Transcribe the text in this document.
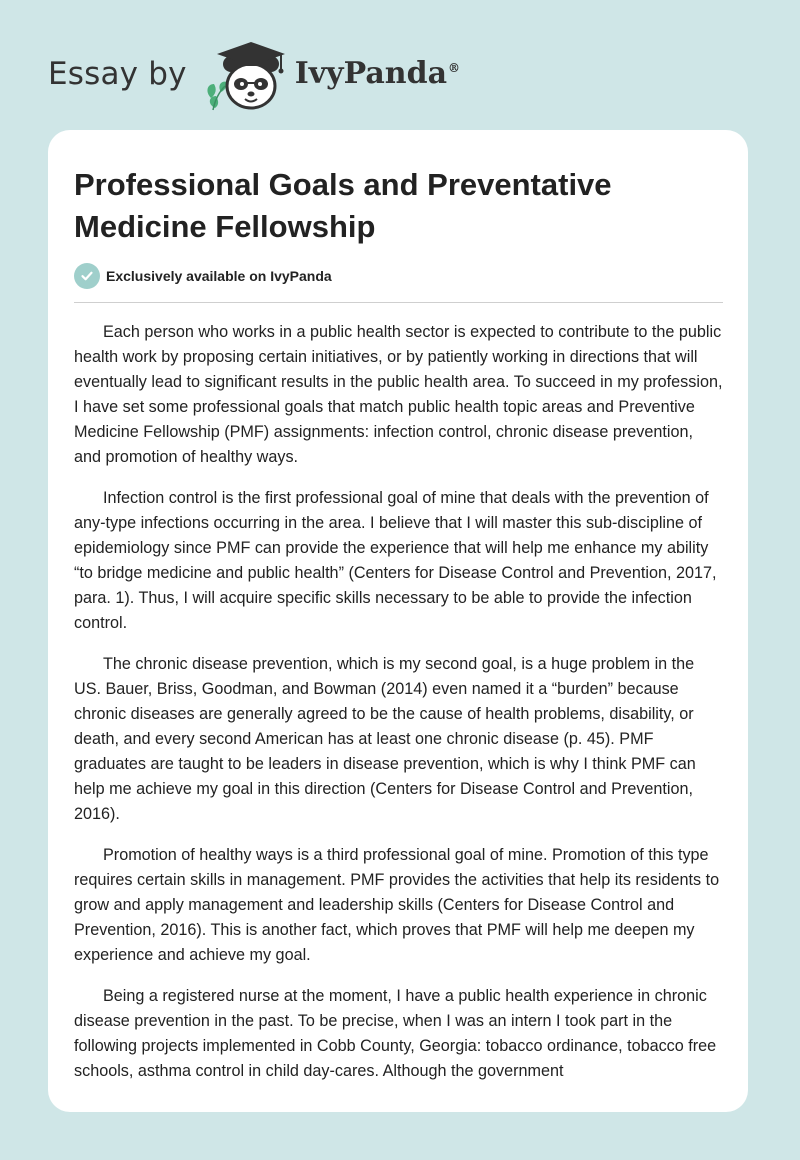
Essay by	IvyPanda®
Professional Goals and Preventative Medicine Fellowship
Exclusively available on IvyPanda

Each person who works in a public health sector is expected to contribute to the public health work by proposing certain initiatives, or by patiently working in directions that will eventually lead to significant results in the public health area. To succeed in my profession, I have set some professional goals that match public health topic areas and Preventive Medicine Fellowship (PMF) assignments: infection control, chronic disease prevention, and promotion of healthy ways.

Infection control is the first professional goal of mine that deals with the prevention of any-type infections occurring in the area. I believe that I will master this sub-discipline of epidemiology since PMF can provide the experience that will help me enhance my ability “to bridge medicine and public health” (Centers for Disease Control and Prevention, 2017, para. 1). Thus, I will acquire specific skills necessary to be able to provide the infection control.

The chronic disease prevention, which is my second goal, is a huge problem in the US. Bauer, Briss, Goodman, and Bowman (2014) even named it a “burden” because chronic diseases are generally agreed to be the cause of health problems, disability, or death, and every second American has at least one chronic disease (p. 45). PMF graduates are taught to be leaders in disease prevention, which is why I think PMF can help me achieve my goal in this direction (Centers for Disease Control and Prevention, 2016).

Promotion of healthy ways is a third professional goal of mine. Promotion of this type requires certain skills in management. PMF provides the activities that help its residents to grow and apply management and leadership skills (Centers for Disease Control and Prevention, 2016). This is another fact, which proves that PMF will help me deepen my experience and achieve my goal.

Being a registered nurse at the moment, I have a public health experience in chronic disease prevention in the past. To be precise, when I was an intern I took part in the following projects implemented in Cobb County, Georgia: tobacco ordinance, tobacco free schools, asthma control in child day-cares. Although the government
